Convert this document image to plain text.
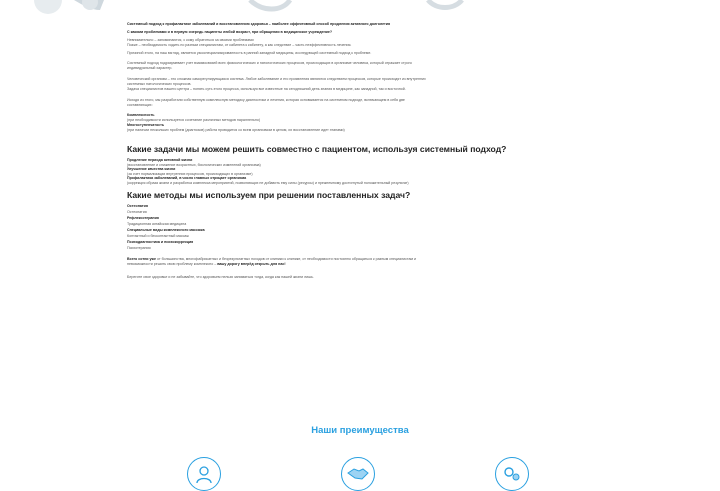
Системный подход к профилактике заболеваний и восстановлению здоровья – наиболее эффективный способ продления активного долголетия
С какими проблемами и в первую очередь пациенты любой возраст, при обращении в медицинское учреждение?
Невнимательно – запоминаются, с кому обратиться за своими проблемами
Позже – необходимость ходить по разным специалистам, от кабинета к кабинету, а как следствие – часть неэффективность лечения.
Причиной этого, на наш взгляд, является узкоспециализированность в ранний западной медицины, исследующей системный подход к проблеме.
Системный подход подразумевает учет взаимосвязей всех физиологических и патологических процессов, происходящих в организме человека, который отражает строго
индивидуальный характер.
Человеческий организм – это сложная саморегулирующаяся система. Любое заболевание и его проявления являются следствием процессов, которые происходят из внутренних
системных патологических процессов.
Задача специалистов нашего центра – понять суть этого процесса, используя все известные на сегодняшний день знания в медицине, как западной, так и восточной.
Исходя из этого, мы разработали собственную комплексную методику диагностики и лечения, которая основывается на системном подходе, включающем в себя две
составляющих:
Комплексность
(при необходимости используется сочетание различных методов параллельно)
Многоступенчатость
(при наличии нескольких проблем (диагнозов) работа проводится со всем организмом в целом, их восстановление идет этапами)
Какие задачи мы можем решить совместно с пациентом, используя системный подход?
Продление периода активной жизни
(восстановление и снижение возрастных, биологических изменений организма)
Улучшение качества жизни
(за счет нормализации внутренних процессов, происходящих в организме)
Профилактика заболеваний, в число главных отрицает организма
(коррекция образа жизни и разработка комплекса мероприятий, позволяющих не добавить ему силы (ресурсы) и прежнемному достигнутый положительный результат)
Какие методы мы используем при решении поставленных задач?
Остеопатия
Остеопатия
Рефлексотерапия
Традиционная китайская медицина
Специальные виды комплексного массажа
Контактный и бесконтактный массаж
Психодиагностика и психокоррекция
Психотерапия
Всего сотни уже от большинства, многофабрикатных и безрезультатных походов от клиники к клинике, от необходимости постоянно обращаться к разным специалистам и
невозможности решить свою проблему комплексно – вашу дорогу вперёд открыть для нас!
Берегите свое здоровье и не забывайте, что здоровьем нельзя заниматься тогда, когда как нашей жизни лишь.
Наши преимущества
